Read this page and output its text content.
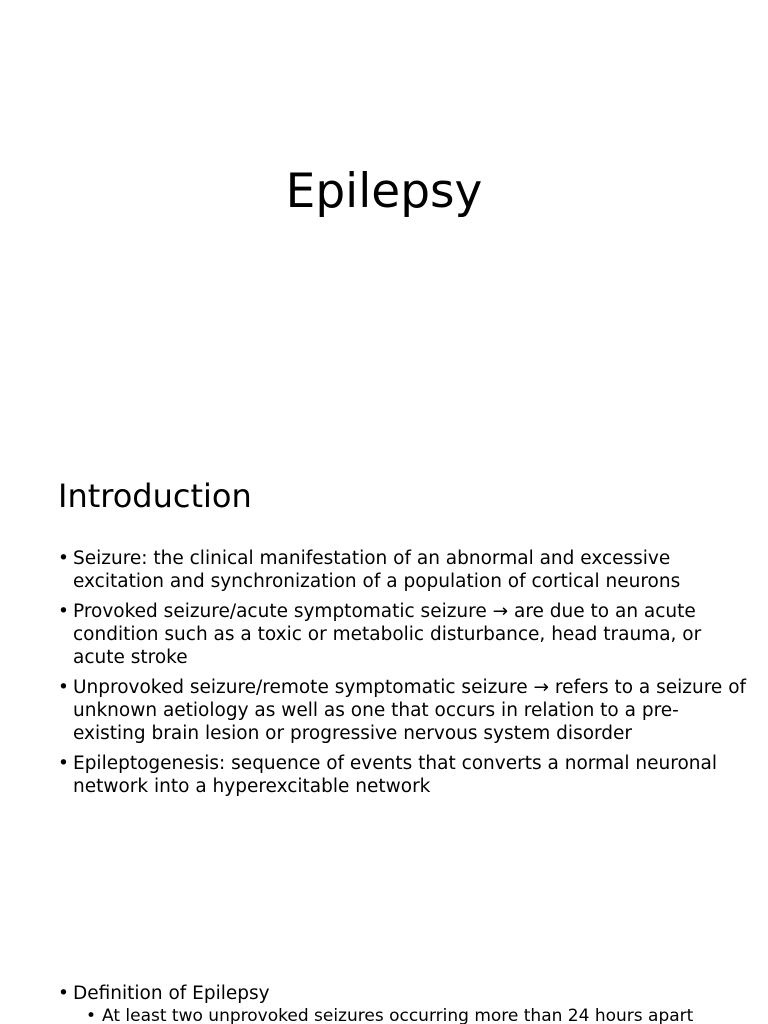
Epilepsy
Introduction
• Seizure: the clinical manifestation of an abnormal and excessive excitation and synchronization of a population of cortical neurons
• Provoked seizure/acute symptomatic seizure → are due to an acute condition such as a toxic or metabolic disturbance, head trauma, or acute stroke
• Unprovoked seizure/remote symptomatic seizure → refers to a seizure of unknown aetiology as well as one that occurs in relation to a pre-existing brain lesion or progressive nervous system disorder
• Epileptogenesis: sequence of events that converts a normal neuronal network into a hyperexcitable network
• Definition of Epilepsy
• At least two unprovoked seizures occurring more than 24 hours apart
